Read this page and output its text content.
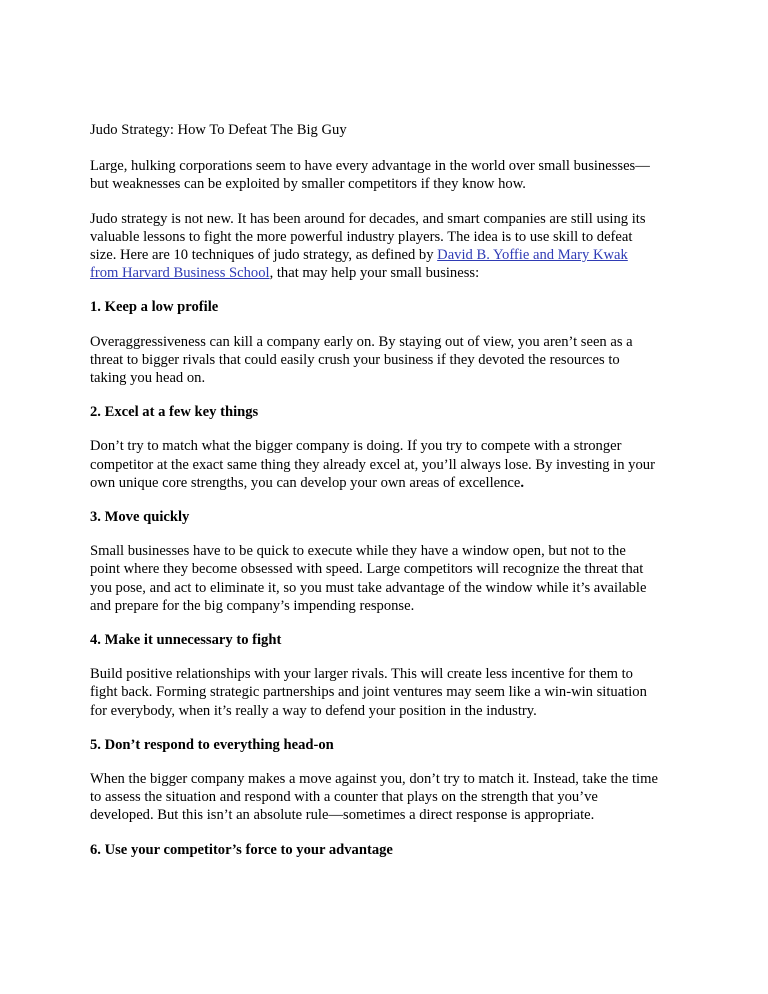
Judo Strategy: How To Defeat The Big Guy

Large, hulking corporations seem to have every advantage in the world over small businesses—
but weaknesses can be exploited by smaller competitors if they know how.

Judo strategy is not new. It has been around for decades, and smart companies are still using its
valuable lessons to fight the more powerful industry players. The idea is to use skill to defeat
size. Here are 10 techniques of judo strategy, as defined by David B. Yoffie and Mary Kwak
from Harvard Business School, that may help your small business:

1. Keep a low profile

Overaggressiveness can kill a company early on. By staying out of view, you aren’t seen as a
threat to bigger rivals that could easily crush your business if they devoted the resources to
taking you head on.

2. Excel at a few key things

Don’t try to match what the bigger company is doing. If you try to compete with a stronger
competitor at the exact same thing they already excel at, you’ll always lose. By investing in your
own unique core strengths, you can develop your own areas of excellence.

3. Move quickly

Small businesses have to be quick to execute while they have a window open, but not to the
point where they become obsessed with speed. Large competitors will recognize the threat that
you pose, and act to eliminate it, so you must take advantage of the window while it’s available
and prepare for the big company’s impending response.

4. Make it unnecessary to fight

Build positive relationships with your larger rivals. This will create less incentive for them to
fight back. Forming strategic partnerships and joint ventures may seem like a win-win situation
for everybody, when it’s really a way to defend your position in the industry.

5. Don’t respond to everything head-on

When the bigger company makes a move against you, don’t try to match it. Instead, take the time
to assess the situation and respond with a counter that plays on the strength that you’ve
developed. But this isn’t an absolute rule—sometimes a direct response is appropriate.

6. Use your competitor’s force to your advantage
